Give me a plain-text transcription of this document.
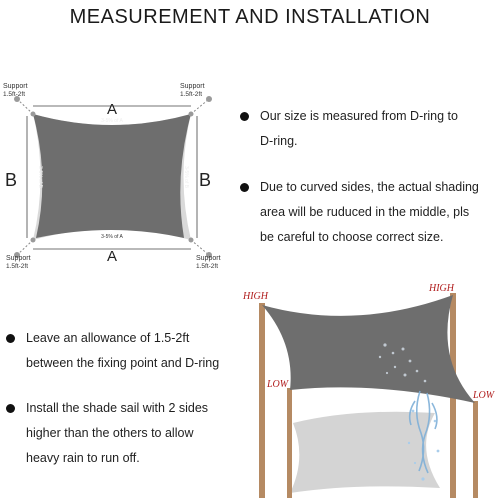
MEASUREMENT AND INSTALLATION
Support
1.5ft-2ft
Support
1.5ft-2ft
Support
1.5ft-2ft
Support
1.5ft-2ft
A
3-5% of A
A
3-5% of A
B	3-5% of B	B
3-5% of B
Our size is measured from D-ring to
D-ring.
Due to curved sides, the actual shading
area will be ruduced in the middle, pls
be careful to choose correct size.
Leave an allowance of 1.5-2ft
between the fixing point and D-ring
Install the shade sail with 2 sides
higher than the others to allow
heavy rain to run off.
HIGH
HIGH
LOW
LOW
